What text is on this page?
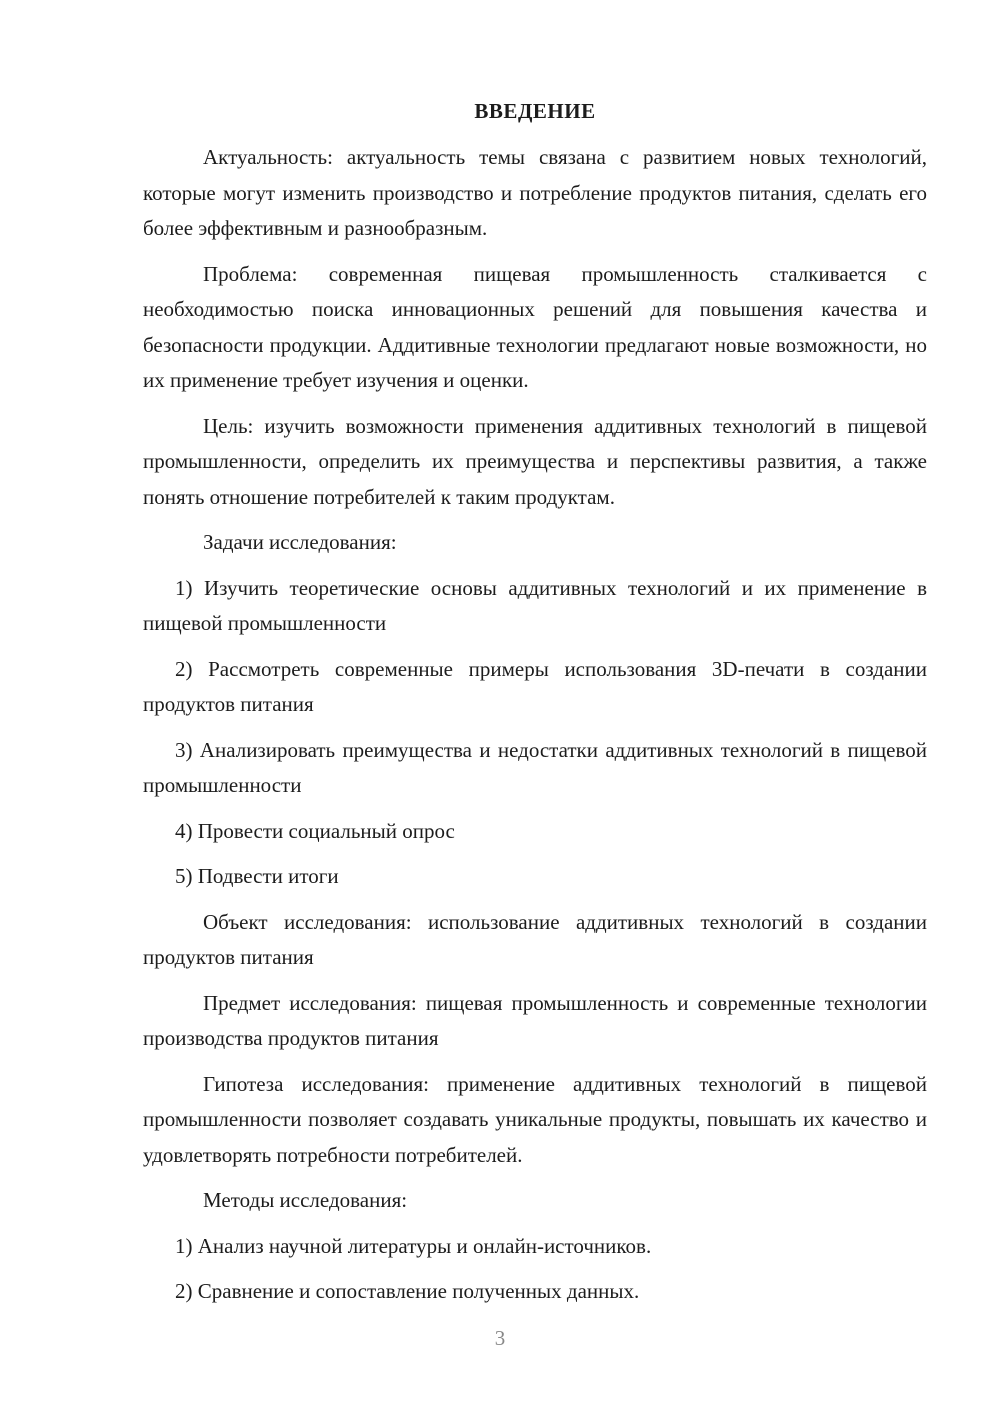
ВВЕДЕНИЕ

Актуальность: актуальность темы связана с развитием новых технологий, которые могут изменить производство и потребление продуктов питания, сделать его более эффективным и разнообразным.

Проблема: современная пищевая промышленность сталкивается с необходимостью поиска инновационных решений для повышения качества и безопасности продукции. Аддитивные технологии предлагают новые возможности, но их применение требует изучения и оценки.

Цель: изучить возможности применения аддитивных технологий в пищевой промышленности, определить их преимущества и перспективы развития, а также понять отношение потребителей к таким продуктам.

Задачи исследования:

1) Изучить теоретические основы аддитивных технологий и их применение в пищевой промышленности

2) Рассмотреть современные примеры использования 3D-печати в создании продуктов питания

3) Анализировать преимущества и недостатки аддитивных технологий в пищевой промышленности

4) Провести социальный опрос

5) Подвести итоги

Объект исследования: использование аддитивных технологий в создании продуктов питания

Предмет исследования: пищевая промышленность и современные технологии производства продуктов питания

Гипотеза исследования: применение аддитивных технологий в пищевой промышленности позволяет создавать уникальные продукты, повышать их качество и удовлетворять потребности потребителей.

Методы исследования:

1) Анализ научной литературы и онлайн-источников.

2) Сравнение и сопоставление полученных данных.

3
